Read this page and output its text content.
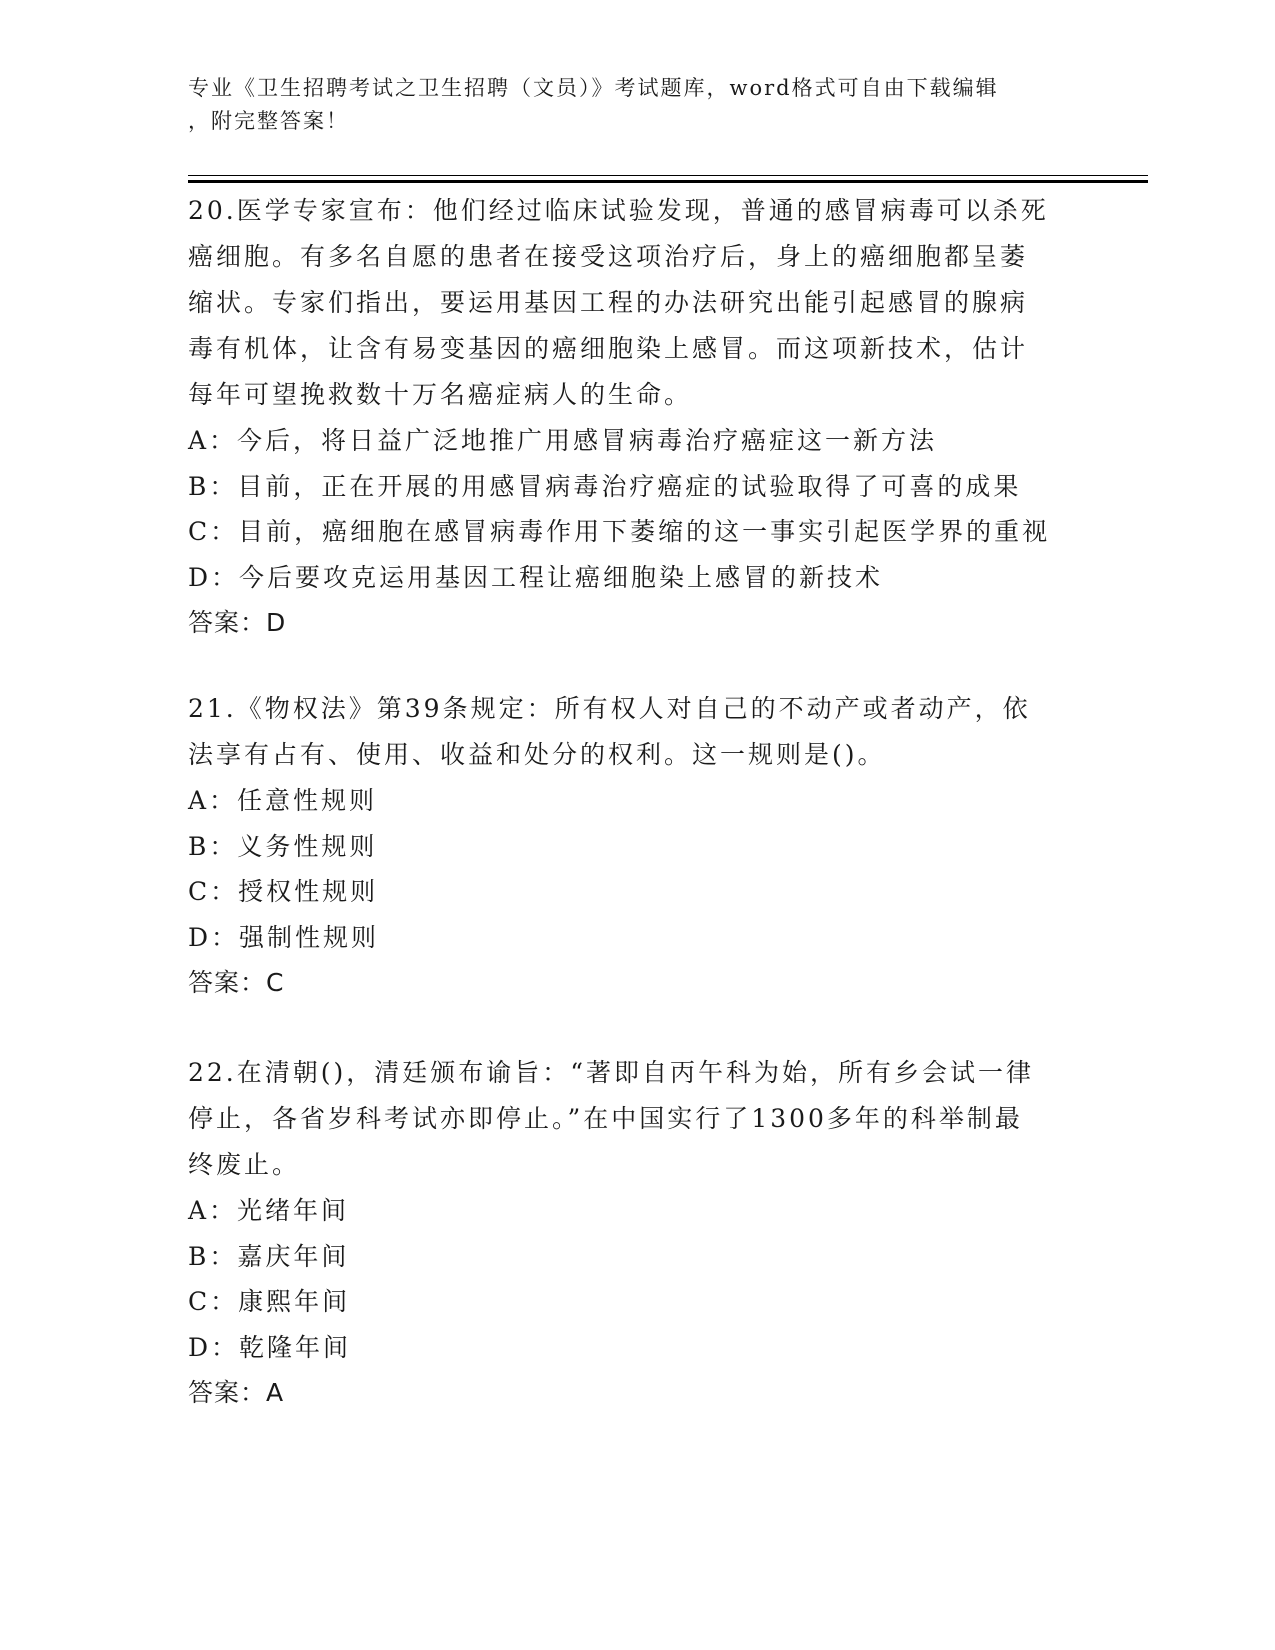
专业《卫生招聘考试之卫生招聘（文员）》考试题库，word格式可自由下载编辑
，附完整答案！
20.医学专家宣布：他们经过临床试验发现，普通的感冒病毒可以杀死
癌细胞。有多名自愿的患者在接受这项治疗后，身上的癌细胞都呈萎
缩状。专家们指出，要运用基因工程的办法研究出能引起感冒的腺病
毒有机体，让含有易变基因的癌细胞染上感冒。而这项新技术，估计
每年可望挽救数十万名癌症病人的生命。
A：今后，将日益广泛地推广用感冒病毒治疗癌症这一新方法
B：目前，正在开展的用感冒病毒治疗癌症的试验取得了可喜的成果
C：目前，癌细胞在感冒病毒作用下萎缩的这一事实引起医学界的重视
D：今后要攻克运用基因工程让癌细胞染上感冒的新技术
答案：D
21.《物权法》第39条规定：所有权人对自己的不动产或者动产，依
法享有占有、使用、收益和处分的权利。这一规则是()。
A：任意性规则
B：义务性规则
C：授权性规则
D：强制性规则
答案：C
22.在清朝()，清廷颁布谕旨：“著即自丙午科为始，所有乡会试一律
停止，各省岁科考试亦即停止。”在中国实行了1300多年的科举制最
终废止。
A：光绪年间
B：嘉庆年间
C：康熙年间
D：乾隆年间
答案：A
